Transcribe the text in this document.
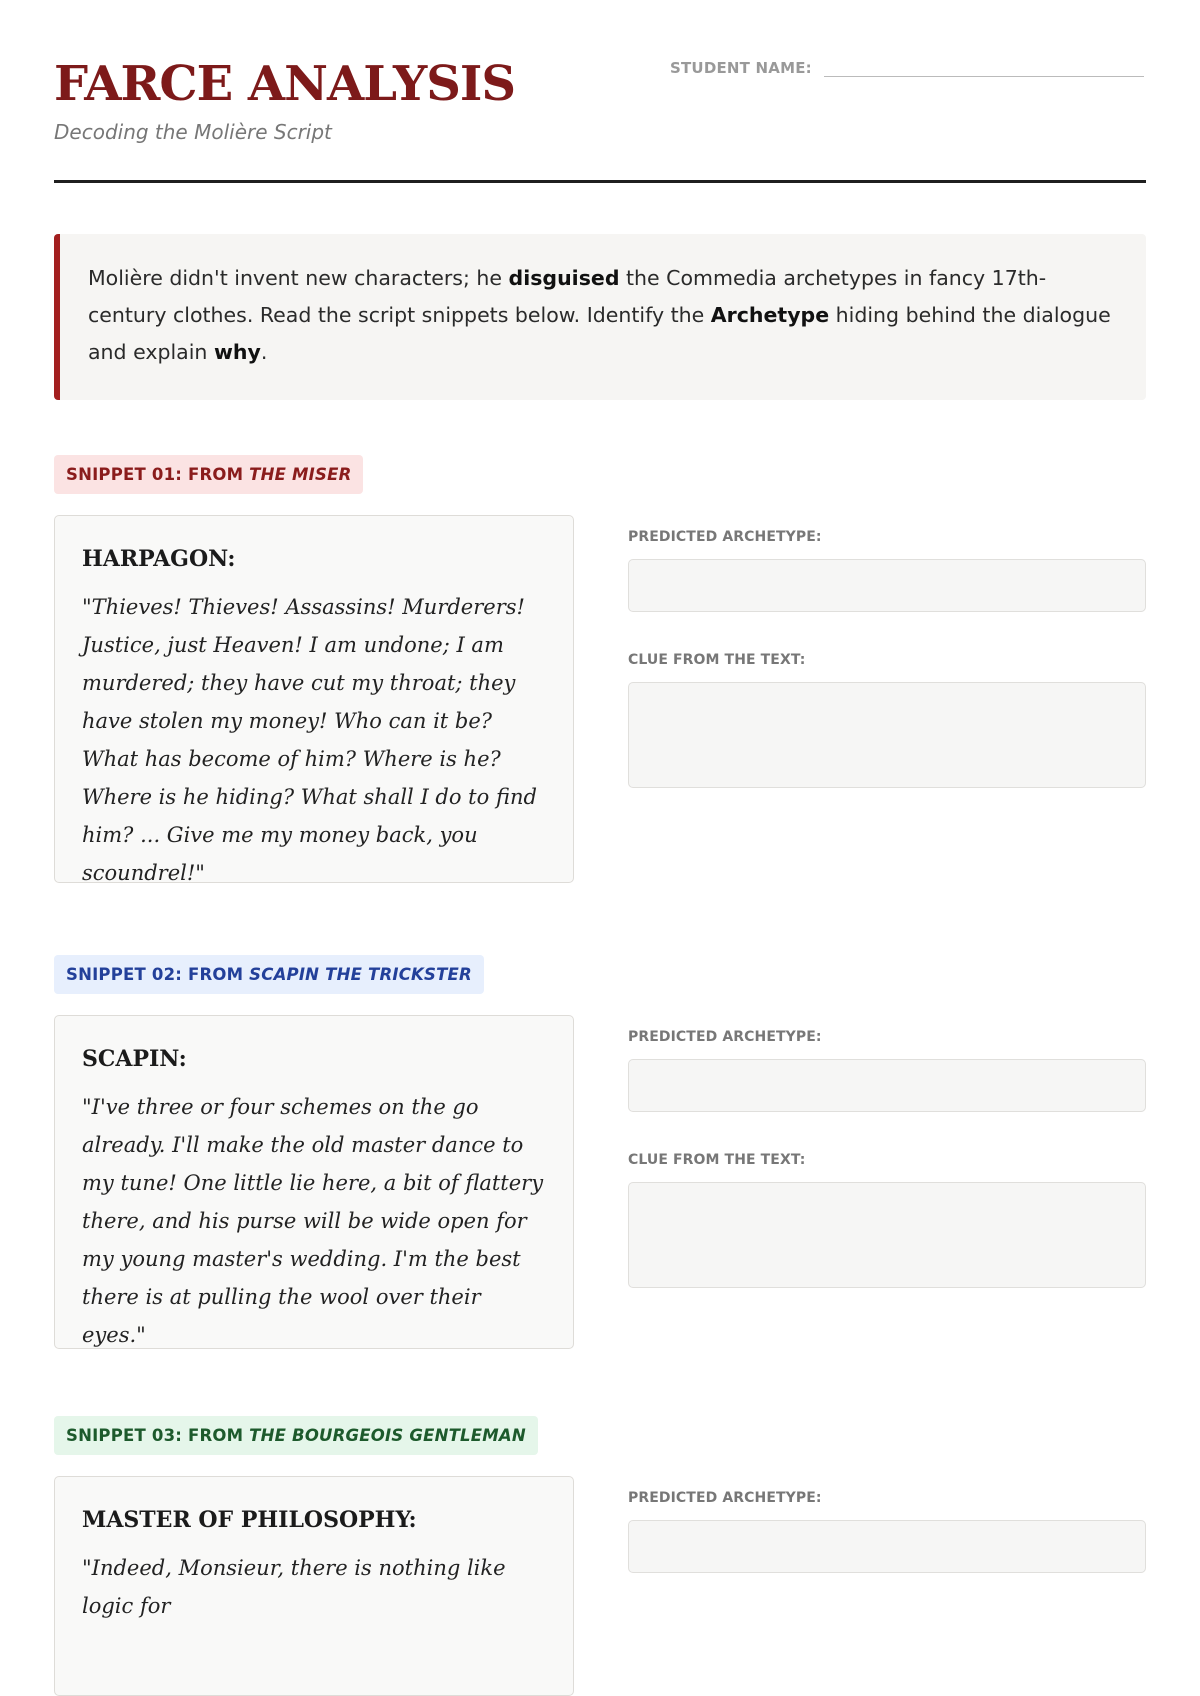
FARCE ANALYSIS
Decoding the Molière Script
STUDENT NAME:
Molière didn't invent new characters; he disguised the Commedia archetypes in fancy 17th-century clothes. Read the script snippets below. Identify the Archetype hiding behind the dialogue and explain why.
SNIPPET 01: FROM THE MISER
HARPAGON:

"Thieves! Thieves! Assassins! Murderers! Justice, just Heaven! I am undone; I am murdered; they have cut my throat; they have stolen my money! Who can it be? What has become of him? Where is he? Where is he hiding? What shall I do to find him? ... Give me my money back, you scoundrel!"

PREDICTED ARCHETYPE:
CLUE FROM THE TEXT:
SNIPPET 02: FROM SCAPIN THE TRICKSTER
SCAPIN:

"I've three or four schemes on the go already. I'll make the old master dance to my tune! One little lie here, a bit of flattery there, and his purse will be wide open for my young master's wedding. I'm the best there is at pulling the wool over their eyes."

PREDICTED ARCHETYPE:
CLUE FROM THE TEXT:
SNIPPET 03: FROM THE BOURGEOIS GENTLEMAN
MASTER OF PHILOSOPHY:

"Indeed, Monsieur, there is nothing like logic for

PREDICTED ARCHETYPE:
